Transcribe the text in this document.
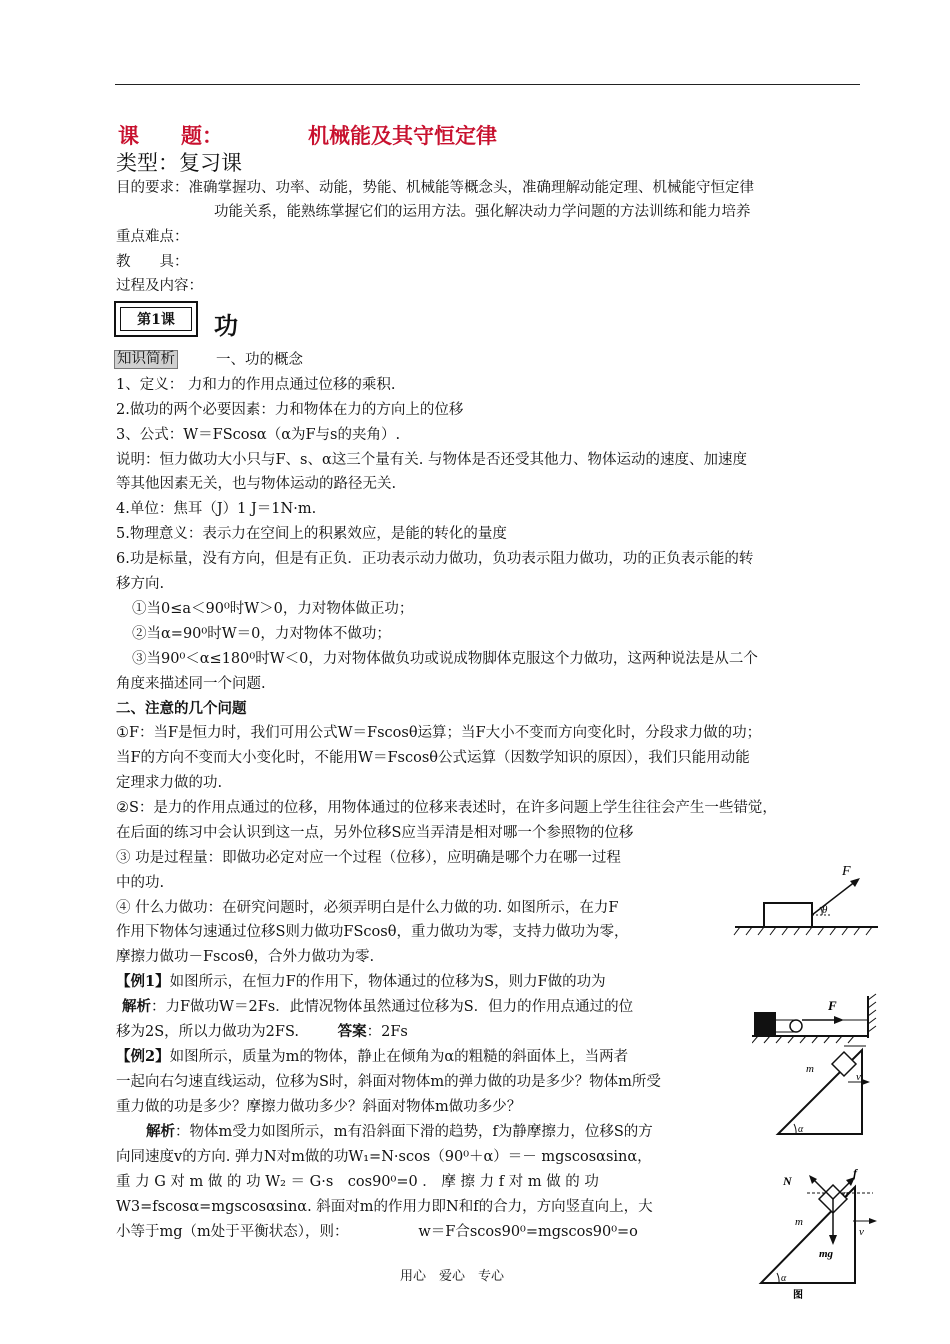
课　　题：	机械能及其守恒定律
类型：复习课
目的要求：准确掌握功、功率、动能，势能、机械能等概念头，准确理解动能定理、机械能守恒定律
功能关系，能熟练掌握它们的运用方法。强化解决动力学问题的方法训练和能力培养
重点难点：
教　　具：
过程及内容：
第1课	功
知识简析	一、功的概念
1、定义： 力和力的作用点通过位移的乘积.
2.做功的两个必要因素：力和物体在力的方向上的位移
3、公式：W＝FScosα（α为F与s的夹角）.
说明：恒力做功大小只与F、s、α这三个量有关. 与物体是否还受其他力、物体运动的速度、加速度
等其他因素无关，也与物体运动的路径无关.
4.单位：焦耳（J）1 J＝1N·m.
5.物理意义：表示力在空间上的积累效应，是能的转化的量度
6.功是标量，没有方向，但是有正负．正功表示动力做功，负功表示阻力做功，功的正负表示能的转
移方向.
①当0≤a＜90⁰时W＞0，力对物体做正功；
②当α=90⁰时W＝0，力对物体不做功；
③当90⁰＜α≤180⁰时W＜0，力对物体做负功或说成物脚体克服这个力做功，这两种说法是从二个
角度来描述同一个问题.
二、注意的几个问题
①F：当F是恒力时，我们可用公式W＝Fscosθ运算；当F大小不变而方向变化时，分段求力做的功；
当F的方向不变而大小变化时，不能用W＝Fscosθ公式运算（因数学知识的原因），我们只能用动能
定理求力做的功.
②S：是力的作用点通过的位移，用物体通过的位移来表述时，在许多问题上学生往往会产生一些错觉，
在后面的练习中会认识到这一点，另外位移S应当弄清是相对哪一个参照物的位移
③ 功是过程量：即做功必定对应一个过程（位移），应明确是哪个力在哪一过程
中的功.
④ 什么力做功：在研究问题时，必须弄明白是什么力做的功. 如图所示，在力F
作用下物体匀速通过位移S则力做功FScosθ，重力做功为零，支持力做功为零，
摩擦力做功－Fscosθ，合外力做功为零.
【例1】如图所示，在恒力F的作用下，物体通过的位移为S，则力F做的功为
解析：力F做功W＝2Fs．此情况物体虽然通过位移为S．但力的作用点通过的位
移为2S，所以力做功为2FS.	答案：2Fs
【例2】如图所示，质量为m的物体，静止在倾角为α的粗糙的斜面体上，当两者
一起向右匀速直线运动，位移为S时，斜面对物体m的弹力做的功是多少？物体m所受
重力做的功是多少？摩擦力做功多少？斜面对物体m做功多少？
解析：物体m受力如图所示，m有沿斜面下滑的趋势，f为静摩擦力，位移S的方
向同速度v的方向. 弹力N对m做的功W₁=N·scos（90⁰＋α）＝－ mgscosαsinα，
重 力 G 对 m 做 的 功 W₂ ＝ G·s　cos90⁰=0 ． 摩 擦 力 f 对 m 做 的 功
W3=fscosα=mgscosαsinα. 斜面对m的作用力即N和f的合力，方向竖直向上，大
小等于mg（m处于平衡状态），则：　　　　　 w＝F合scos90⁰=mgscos90⁰=o
F
θ
F
m
v
α
N
f
α
m
mg
v
α
图
用心　爱心　专心
